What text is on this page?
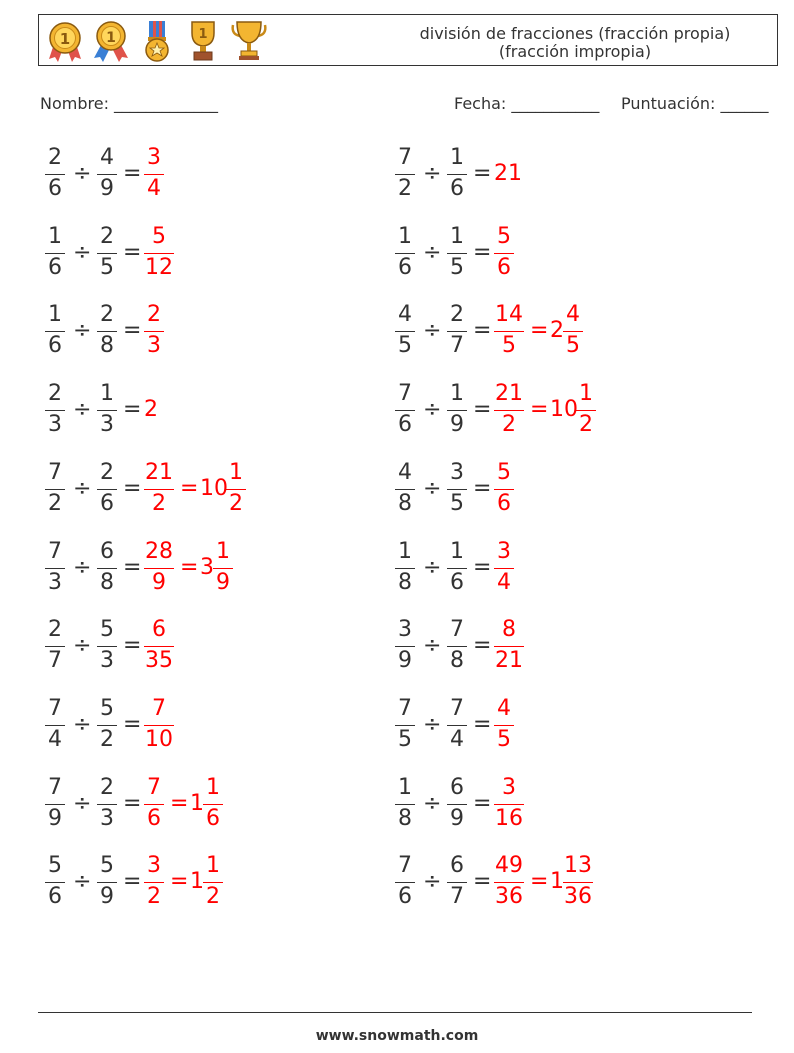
1	1	1	división de fracciones (fracción propia)
(fracción impropia)
Nombre: _____________	Fecha: ___________ Puntuación: ______
2
6
÷
4
9
=
3
4
7
2
÷
1
6
= 21
1
6
÷
2
5
=
5
12
1
6
÷
1
5
=
5
6
1
6
÷
2
8
=
2
3
4
5
÷
2
7
=
14
5
= 2
4
5
2
3
÷
1
3
= 2
7
6
÷
1
9
=
21
2
= 10
1
2
7
2
÷
2
6
=
21
2
= 10
1
2
4
8
÷
3
5
=
5
6
7
3
÷
6
8
=
28
9
= 3
1
9
1
8
÷
1
6
=
3
4
2
7
÷
5
3
=
6
35
3
9
÷
7
8
=
8
21
7
4
÷
5
2
=
7
10
7
5
÷
7
4
=
4
5
7
9
÷
2
3
=
7
6
= 1
1
6
1
8
÷
6
9
=
3
16
5
6
÷
5
9
=
3
2
= 1
1
2
7
6
÷
6
7
=
49
36
= 1
13
36
www.snowmath.com
